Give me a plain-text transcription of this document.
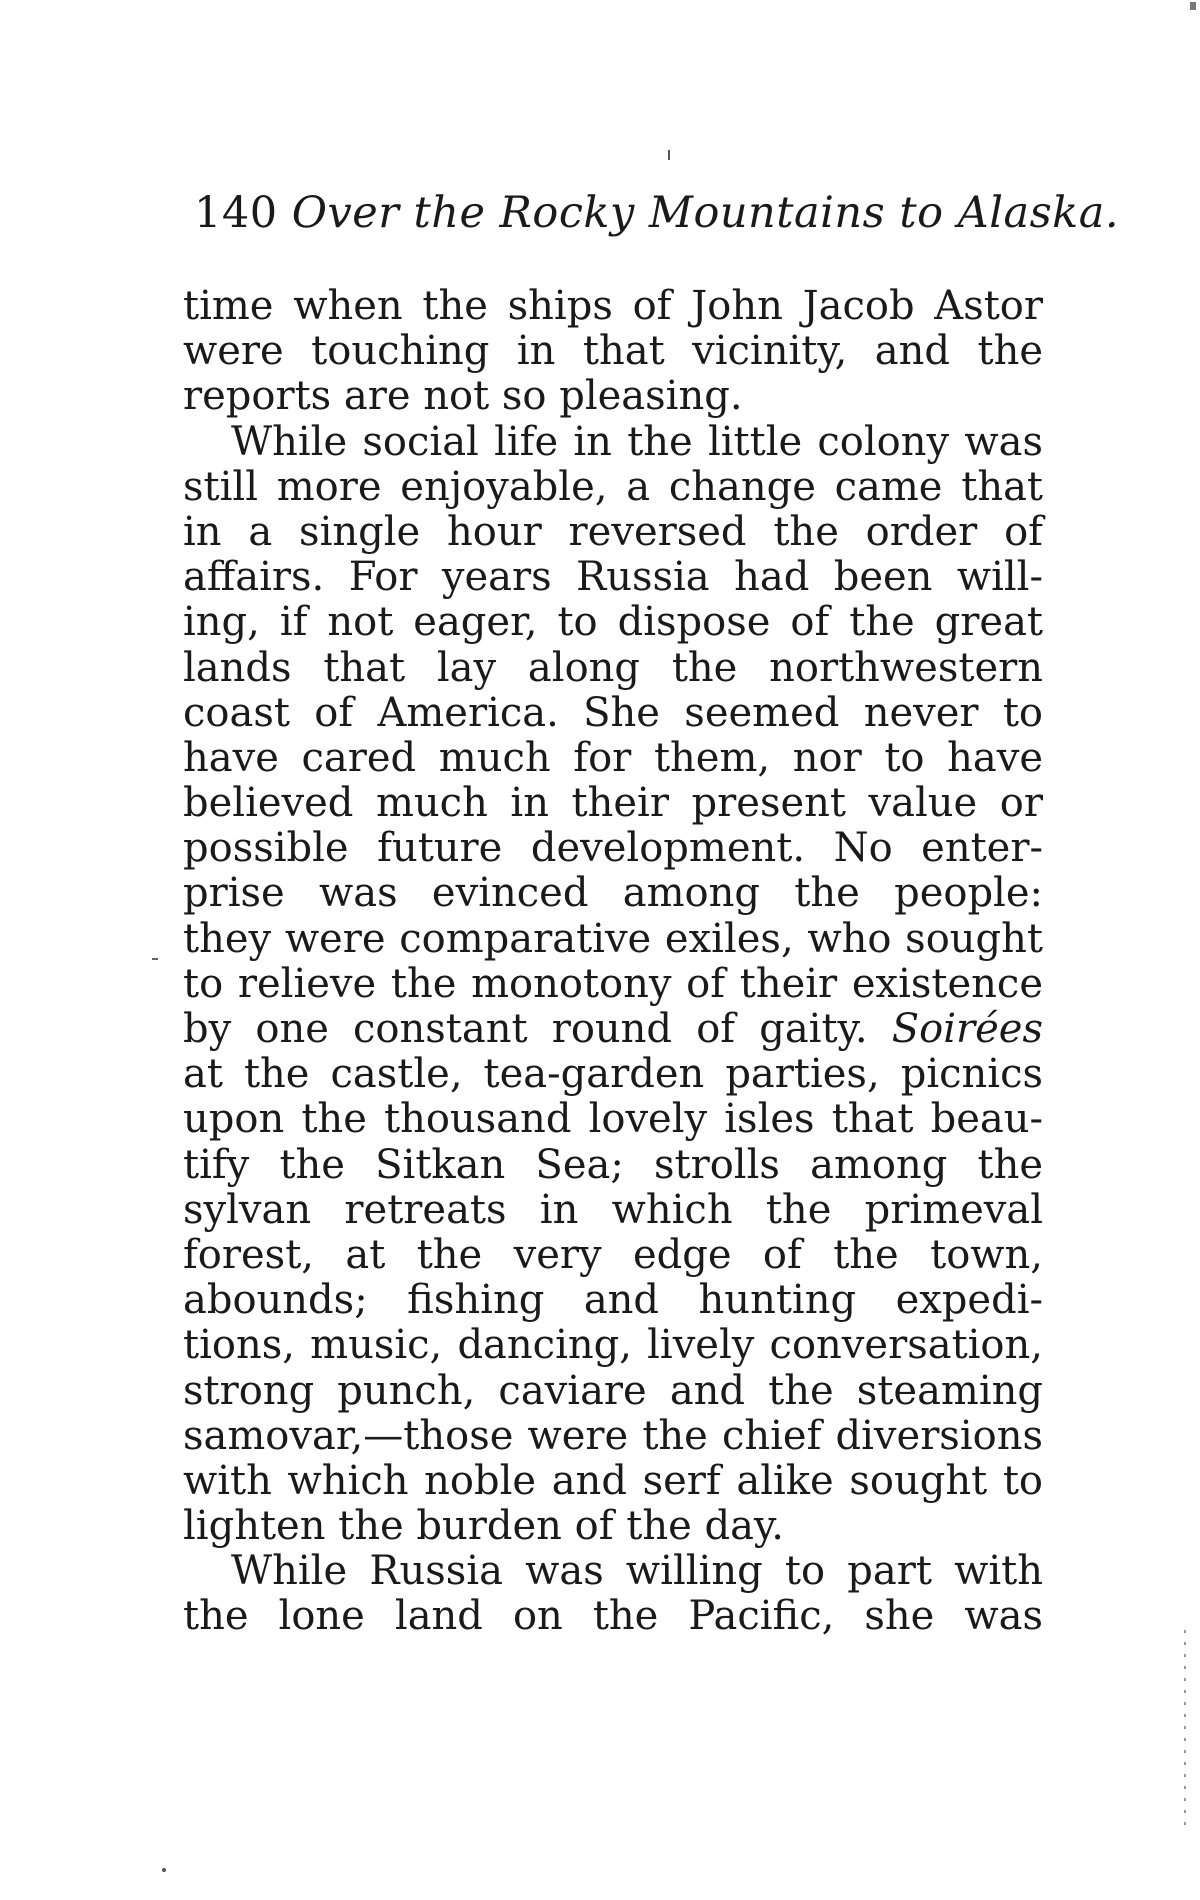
140 Over the Rocky Mountains to Alaska.
time when the ships of John Jacob Astor
were touching in that vicinity, and the
reports are not so pleasing.
While social life in the little colony was
still more enjoyable, a change came that
in a single hour reversed the order of
affairs. For years Russia had been will-
ing, if not eager, to dispose of the great
lands that lay along the northwestern
coast of America. She seemed never to
have cared much for them, nor to have
believed much in their present value or
possible future development. No enter-
prise was evinced among the people:
they were comparative exiles, who sought
to relieve the monotony of their existence
by one constant round of gaity. Soirées
at the castle, tea-garden parties, picnics
upon the thousand lovely isles that beau-
tify the Sitkan Sea; strolls among the
sylvan retreats in which the primeval
forest, at the very edge of the town,
abounds; fishing and hunting expedi-
tions, music, dancing, lively conversation,
strong punch, caviare and the steaming
samovar,—those were the chief diversions
with which noble and serf alike sought to
lighten the burden of the day.
While Russia was willing to part with
the lone land on the Pacific, she was
